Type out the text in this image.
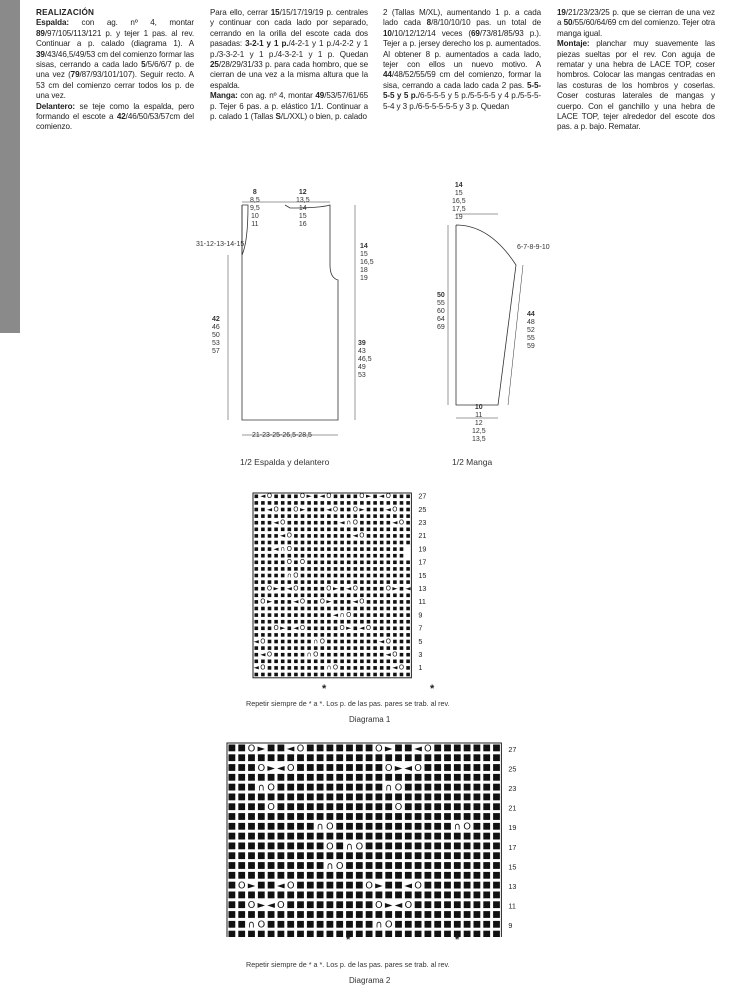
REALIZACIÓN

Espalda: con ag. nº 4, montar 89/97/105/113/121 p. y tejer 1 pas. al rev. Continuar a p. calado (diagrama 1). A 39/43/46,5/49/53 cm del comienzo formar las sisas, cerrando a cada lado 5/5/6/6/7 p. de una vez (79/87/93/101/107). Seguir recto. A 53 cm del comienzo cerrar todos los p. de una vez.

Delantero: se teje como la espalda, pero formando el escote a 42/46/50/53/57cm del comienzo.

Para ello, cerrar 15/15/17/19/19 p. centrales y continuar con cada lado por separado, cerrando en la orilla del escote cada dos pasadas: 3-2-1 y 1 p./4-2-1 y 1 p./4-2-2 y 1 p./3-3-2-1 y 1 p./4-3-2-1 y 1 p. Quedan 25/28/29/31/33 p. para cada hombro, que se cierran de una vez a la misma altura que la espalda.

Manga: con ag. nº 4, montar 49/53/57/61/65 p. Tejer 6 pas. a p. elástico 1/1. Continuar a p. calado 1 (Tallas S/L/XXL) o bien, p. calado

2 (Tallas M/XL), aumentando 1 p. a cada lado cada 8/8/10/10/10 pas. un total de 10/10/12/12/14 veces (69/73/81/85/93 p.). Tejer a p. jersey derecho los p. aumentados. Al obtener 8 p. aumentados a cada lado, tejer con ellos un nuevo motivo. A 44/48/52/55/59 cm del comienzo, formar la sisa, cerrando a cada lado cada 2 pas. 5-5-5-5 y 5 p./6-5-5-5 y 5 p./5-5-5-5 y 4 p./5-5-5-5-4 y 3 p./6-5-5-5-5-5 y 3 p. Quedan

19/21/23/23/25 p. que se cierran de una vez a 50/55/60/64/69 cm del comienzo. Tejer otra manga igual.

Montaje: planchar muy suavemente las piezas sueltas por el rev. Con aguja de rematar y una hebra de LACE TOP, coser hombros. Colocar las mangas centradas en las costuras de los hombros y coserlas. Coser costuras laterales de mangas y cuerpo. Con el ganchillo y una hebra de LACE TOP, tejer alrededor del escote dos pas. a p. bajo. Rematar.

8
8,5
9,5
10
11
12
13,5
14
15
16
31-12-13-14-15	14
15
16,5
18
19
42
46
50
53
57
39
43
46,5
49
53
21-23-25-26,5-28,5
1/2 Espalda y delantero
14
15
16,5
17,5
19
6-7-8-9-10
50
55
60
64
69
44
48
52
55
59
10
11
12
12,5
13,5
1/2 Manga
◄ O	O ► ◄ O	O ► ◄ O	27
◄ O O ►	◄ O O ►	◄ O	25
◄ O	◄ ∩ O	◄ O 23
◄ O	◄ O	21
◄ ∩ O	19
O O	17
∩ O	15
O ► ◄ O	O ► ◄ O	O ► ◄ 13
O ►	◄ O O ►	◄ O	11
◄ ∩ O	9
O ► ◄ O	O ► ◄ O	7
◄ O	∩ O	◄ O	5
◄ O	∩ O	◄ O	3
◄ O	∩ O	◄ O 1
*	*
Repetir siempre de * a *. Los p. de las pas. pares se trab. al rev.
Diagrama 1
O ► ◄ O	O ► ◄ O	27
O ► ◄ O	O ► ◄ O	25
∩ O	∩ O	23
O	O	21
∩ O	∩ O	19
O ∩ O	17
∩ O	15
O ► ◄ O	O ► ◄ O	13
O ► ◄ O	O ► ◄ O	11
∩ O	∩ O	9
*	*
Repetir siempre de * a *. Los p. de las pas. pares se trab. al rev.
Diagrama 2
